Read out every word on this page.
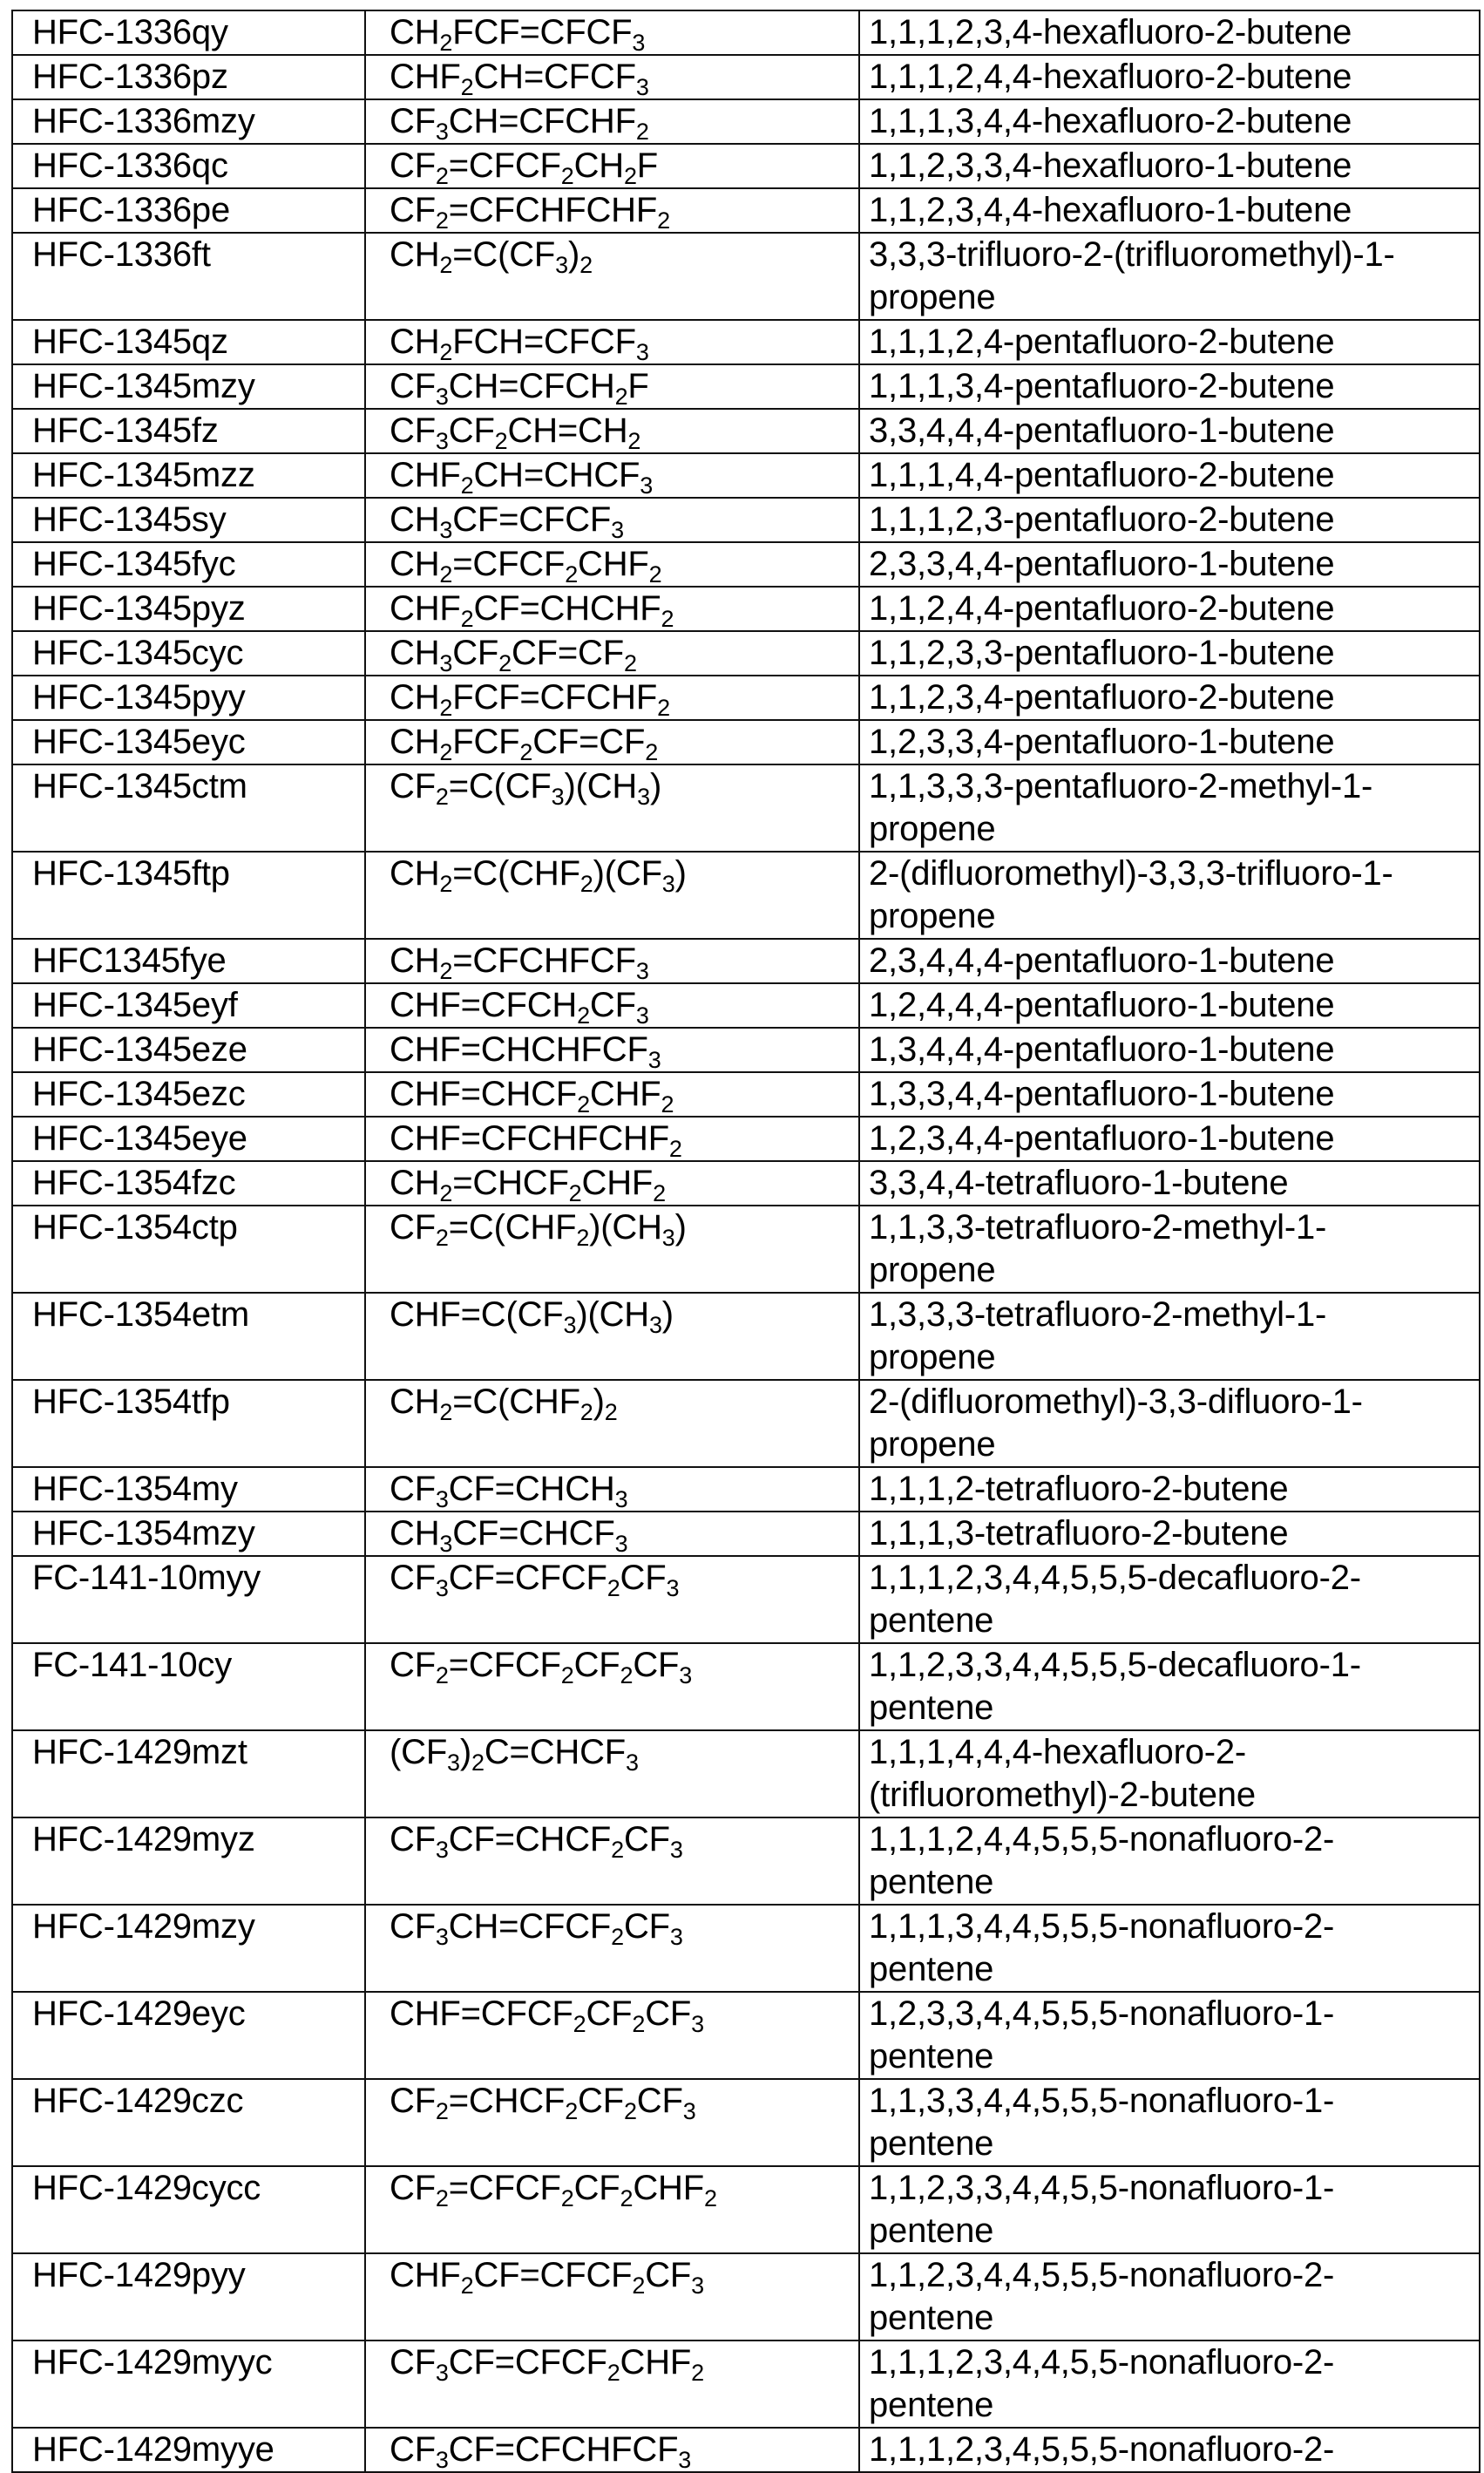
HFC-1336qy	$CH_2FCF=CFCF_3$	1,1,1,2,3,4-hexafluoro-2-butene

HFC-1336pz	$CHF_2CH=CFCF_3$	1,1,1,2,4,4-hexafluoro-2-butene

HFC-1336mzy	$CF_3CH=CFCHF_2$	1,1,1,3,4,4-hexafluoro-2-butene

HFC-1336qc	$CF_2=CFCF_2CH_2F$	1,1,2,3,3,4-hexafluoro-1-butene

HFC-1336pe	$CF_2=CFCHFCHF_2$	1,1,2,3,4,4-hexafluoro-1-butene

HFC-1336ft	$CH_2=C(CF_3)_2$	3,3,3-trifluoro-2-(trifluoromethyl)-1-
propene

HFC-1345qz	$CH_2FCH=CFCF_3$	1,1,1,2,4-pentafluoro-2-butene

HFC-1345mzy	$CF_3CH=CFCH_2F$	1,1,1,3,4-pentafluoro-2-butene

HFC-1345fz	$CF_3CF_2CH=CH_2$	3,3,4,4,4-pentafluoro-1-butene

HFC-1345mzz	$CHF_2CH=CHCF_3$	1,1,1,4,4-pentafluoro-2-butene

HFC-1345sy	$CH_3CF=CFCF_3$	1,1,1,2,3-pentafluoro-2-butene

HFC-1345fyc	$CH_2=CFCF_2CHF_2$	2,3,3,4,4-pentafluoro-1-butene

HFC-1345pyz	$CHF_2CF=CHCHF_2$	1,1,2,4,4-pentafluoro-2-butene

HFC-1345cyc	$CH_3CF_2CF=CF_2$	1,1,2,3,3-pentafluoro-1-butene

HFC-1345pyy	$CH_2FCF=CFCHF_2$	1,1,2,3,4-pentafluoro-2-butene

HFC-1345eyc	$CH_2FCF_2CF=CF_2$	1,2,3,3,4-pentafluoro-1-butene

HFC-1345ctm	$CF_2=C(CF_3)(CH_3)$	1,1,3,3,3-pentafluoro-2-methyl-1-
propene

HFC-1345ftp	$CH_2=C(CHF_2)(CF_3)$	2-(difluoromethyl)-3,3,3-trifluoro-1-
propene

HFC1345fye	$CH_2=CFCHFCF_3$	2,3,4,4,4-pentafluoro-1-butene

HFC-1345eyf	$CHF=CFCH_2CF_3$	1,2,4,4,4-pentafluoro-1-butene

HFC-1345eze	$CHF=CHCHFCF_3$	1,3,4,4,4-pentafluoro-1-butene

HFC-1345ezc	$CHF=CHCF_2CHF_2$	1,3,3,4,4-pentafluoro-1-butene

HFC-1345eye	$CHF=CFCHFCHF_2$	1,2,3,4,4-pentafluoro-1-butene

HFC-1354fzc	$CH_2=CHCF_2CHF_2$	3,3,4,4-tetrafluoro-1-butene

HFC-1354ctp	$CF_2=C(CHF_2)(CH_3)$	1,1,3,3-tetrafluoro-2-methyl-1-
propene

HFC-1354etm	$CHF=C(CF_3)(CH_3)$	1,3,3,3-tetrafluoro-2-methyl-1-
propene

HFC-1354tfp	$CH_2=C(CHF_2)_2$	2-(difluoromethyl)-3,3-difluoro-1-
propene

HFC-1354my	$CF_3CF=CHCH_3$	1,1,1,2-tetrafluoro-2-butene

HFC-1354mzy	$CH_3CF=CHCF_3$	1,1,1,3-tetrafluoro-2-butene

FC-141-10myy	$CF_3CF=CFCF_2CF_3$	1,1,1,2,3,4,4,5,5,5-decafluoro-2-
pentene

FC-141-10cy	$CF_2=CFCF_2CF_2CF_3$	1,1,2,3,3,4,4,5,5,5-decafluoro-1-
pentene

HFC-1429mzt	$(CF_3)_2C=CHCF_3$	1,1,1,4,4,4-hexafluoro-2-
(trifluoromethyl)-2-butene

HFC-1429myz	$CF_3CF=CHCF_2CF_3$	1,1,1,2,4,4,5,5,5-nonafluoro-2-
pentene

HFC-1429mzy	$CF_3CH=CFCF_2CF_3$	1,1,1,3,4,4,5,5,5-nonafluoro-2-
pentene

HFC-1429eyc	$CHF=CFCF_2CF_2CF_3$	1,2,3,3,4,4,5,5,5-nonafluoro-1-
pentene

HFC-1429czc	$CF_2=CHCF_2CF_2CF_3$	1,1,3,3,4,4,5,5,5-nonafluoro-1-
pentene

HFC-1429cycc	$CF_2=CFCF_2CF_2CHF_2$	1,1,2,3,3,4,4,5,5-nonafluoro-1-
pentene

HFC-1429pyy	$CHF_2CF=CFCF_2CF_3$	1,1,2,3,4,4,5,5,5-nonafluoro-2-
pentene

HFC-1429myyc	$CF_3CF=CFCF_2CHF_2$	1,1,1,2,3,4,4,5,5-nonafluoro-2-
pentene

HFC-1429myye	$CF_3CF=CFCHFCF_3$	1,1,1,2,3,4,5,5,5-nonafluoro-2-
